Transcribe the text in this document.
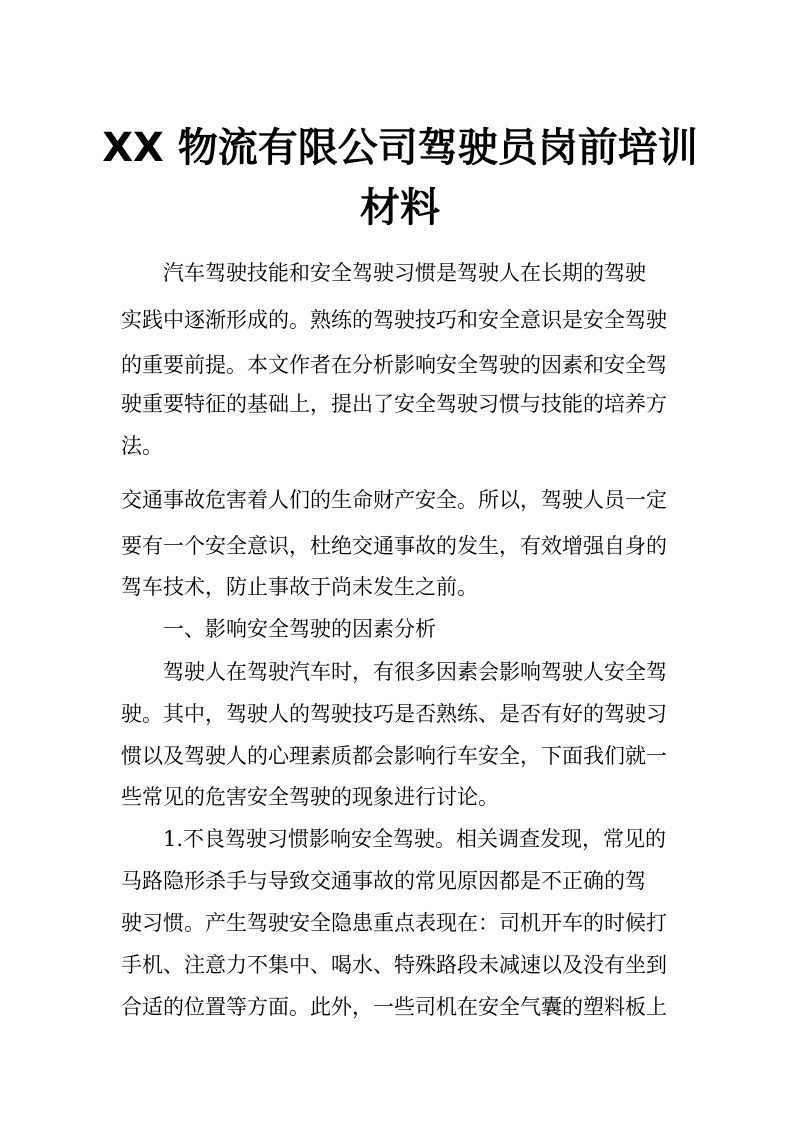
XX 物流有限公司驾驶员岗前培训
材料
汽车驾驶技能和安全驾驶习惯是驾驶人在长期的驾驶
实践中逐渐形成的。熟练的驾驶技巧和安全意识是安全驾驶
的重要前提。本文作者在分析影响安全驾驶的因素和安全驾
驶重要特征的基础上，提出了安全驾驶习惯与技能的培养方
法。
交通事故危害着人们的生命财产安全。所以，驾驶人员一定
要有一个安全意识，杜绝交通事故的发生，有效增强自身的
驾车技术，防止事故于尚未发生之前。
一、影响安全驾驶的因素分析
驾驶人在驾驶汽车时，有很多因素会影响驾驶人安全驾
驶。其中，驾驶人的驾驶技巧是否熟练、是否有好的驾驶习
惯以及驾驶人的心理素质都会影响行车安全，下面我们就一
些常见的危害安全驾驶的现象进行讨论。
1.不良驾驶习惯影响安全驾驶。相关调查发现，常见的
马路隐形杀手与导致交通事故的常见原因都是不正确的驾
驶习惯。产生驾驶安全隐患重点表现在：司机开车的时候打
手机、注意力不集中、喝水、特殊路段未减速以及没有坐到
合适的位置等方面。此外，一些司机在安全气囊的塑料板上
